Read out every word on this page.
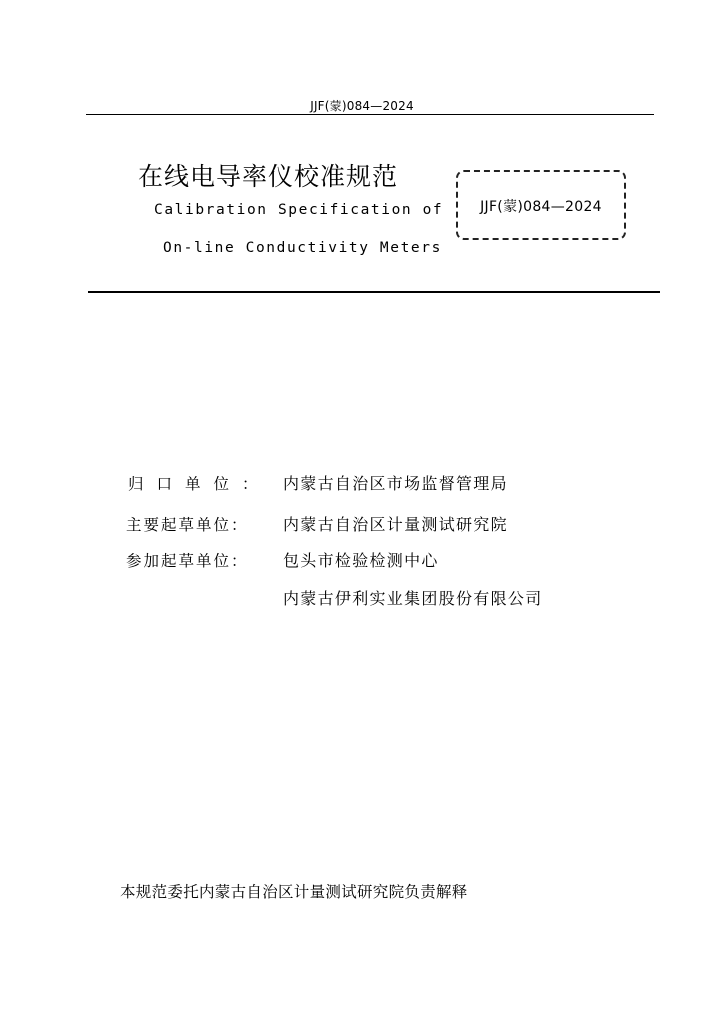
JJF(蒙)084—2024
在线电导率仪校准规范
Calibration Specification of
On-line Conductivity Meters
JJF(蒙)084—2024
归口单位： 内蒙古自治区市场监督管理局
主要起草单位： 内蒙古自治区计量测试研究院
参加起草单位： 包头市检验检测中心
内蒙古伊利实业集团股份有限公司
本规范委托内蒙古自治区计量测试研究院负责解释
